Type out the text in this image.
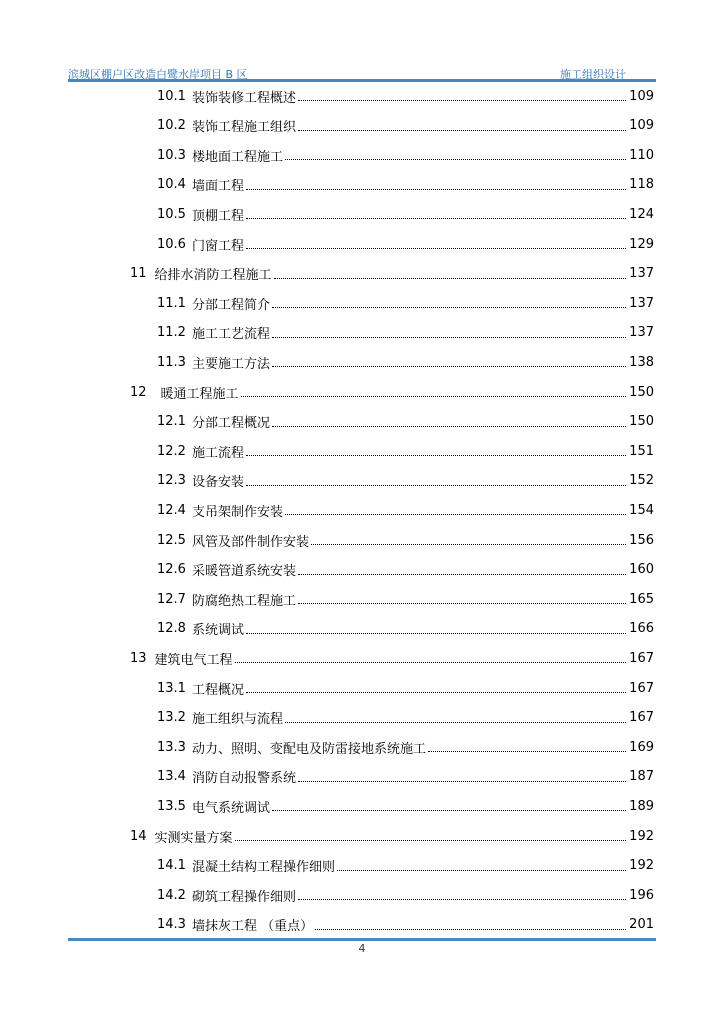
滨城区棚户区改造白鹭水岸项目 B 区	施工组织设计
10.1 装饰装修工程概述	109
10.2 装饰工程施工组织	109
10.3 楼地面工程施工	110
10.4 墙面工程	118
10.5 顶棚工程	124
10.6 门窗工程	129
11 给排水消防工程施工	137
11.1 分部工程简介	137
11.2 施工工艺流程	137
11.3 主要施工方法	138
12 暖通工程施工	150
12.1 分部工程概况	150
12.2 施工流程	151
12.3 设备安装	152
12.4 支吊架制作安装	154
12.5 风管及部件制作安装	156
12.6 采暖管道系统安装	160
12.7 防腐绝热工程施工	165
12.8 系统调试	166
13 建筑电气工程	167
13.1 工程概况	167
13.2 施工组织与流程	167
13.3 动力、照明、变配电及防雷接地系统施工	169
13.4 消防自动报警系统	187
13.5 电气系统调试	189
14 实测实量方案	192
14.1 混凝土结构工程操作细则	192
14.2 砌筑工程操作细则	196
14.3 墙抹灰工程 （重点）	201
4
